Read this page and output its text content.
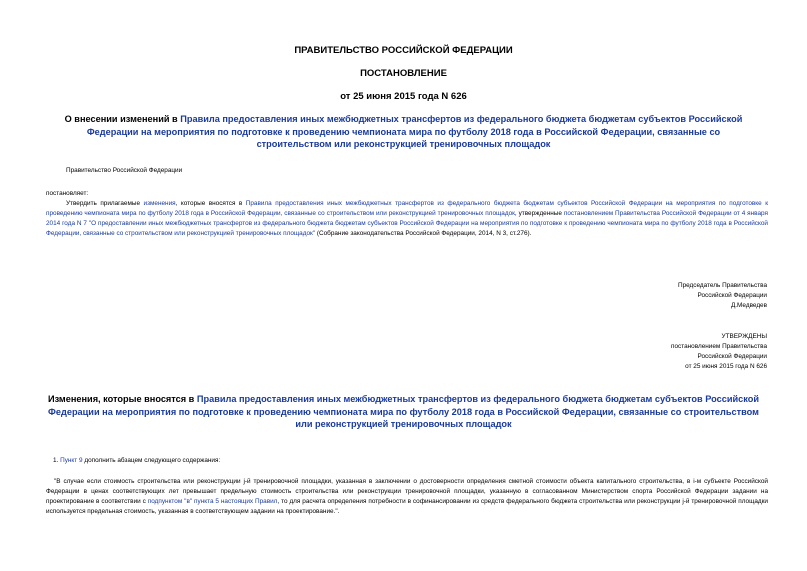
ПРАВИТЕЛЬСТВО РОССИЙСКОЙ ФЕДЕРАЦИИ
ПОСТАНОВЛЕНИЕ
от 25 июня 2015 года N 626
О внесении изменений в Правила предоставления иных межбюджетных трансфертов из федерального бюджета бюджетам субъектов Российской Федерации на мероприятия по подготовке к проведению чемпионата мира по футболу 2018 года в Российской Федерации, связанные со строительством или реконструкцией тренировочных площадок
Правительство Российской Федерации
постановляет:
Утвердить прилагаемые изменения, которые вносятся в Правила предоставления иных межбюджетных трансфертов из федерального бюджета бюджетам субъектов Российской Федерации на мероприятия по подготовке к проведению чемпионата мира по футболу 2018 года в Российской Федерации, связанные со строительством или реконструкцией тренировочных площадок, утвержденные постановлением Правительства Российской Федерации от 4 января 2014 года N 7 "О предоставлении иных межбюджетных трансфертов из федерального бюджета бюджетам субъектов Российской Федерации на мероприятия по подготовке к проведению чемпионата мира по футболу 2018 года в Российской Федерации, связанные со строительством или реконструкцией тренировочных площадок" (Собрание законодательства Российской Федерации, 2014, N 3, ст.276).
Председатель Правительства
Российской Федерации
Д.Медведев
УТВЕРЖДЕНЫ
постановлением Правительства
Российской Федерации
от 25 июня 2015 года N 626
Изменения, которые вносятся в Правила предоставления иных межбюджетных трансфертов из федерального бюджета бюджетам субъектов Российской Федерации на мероприятия по подготовке к проведению чемпионата мира по футболу 2018 года в Российской Федерации, связанные со строительством или реконструкцией тренировочных площадок
1. Пункт 9 дополнить абзацем следующего содержания:
"В случае если стоимость строительства или реконструкции j-й тренировочной площадки, указанная в заключении о достоверности определения сметной стоимости объекта капитального строительства, в i-м субъекте Российской Федерации в ценах соответствующих лет превышает предельную стоимость строительства или реконструкции тренировочной площадки, указанную в согласованном Министерством спорта Российской Федерации задании на проектирование в соответствии с подпунктом "в" пункта 5 настоящих Правил, то для расчета определения потребности в софинансировании из средств федерального бюджета строительства или реконструкции j-й тренировочной площадки используется предельная стоимость, указанная в соответствующем задании на проектирование.".
